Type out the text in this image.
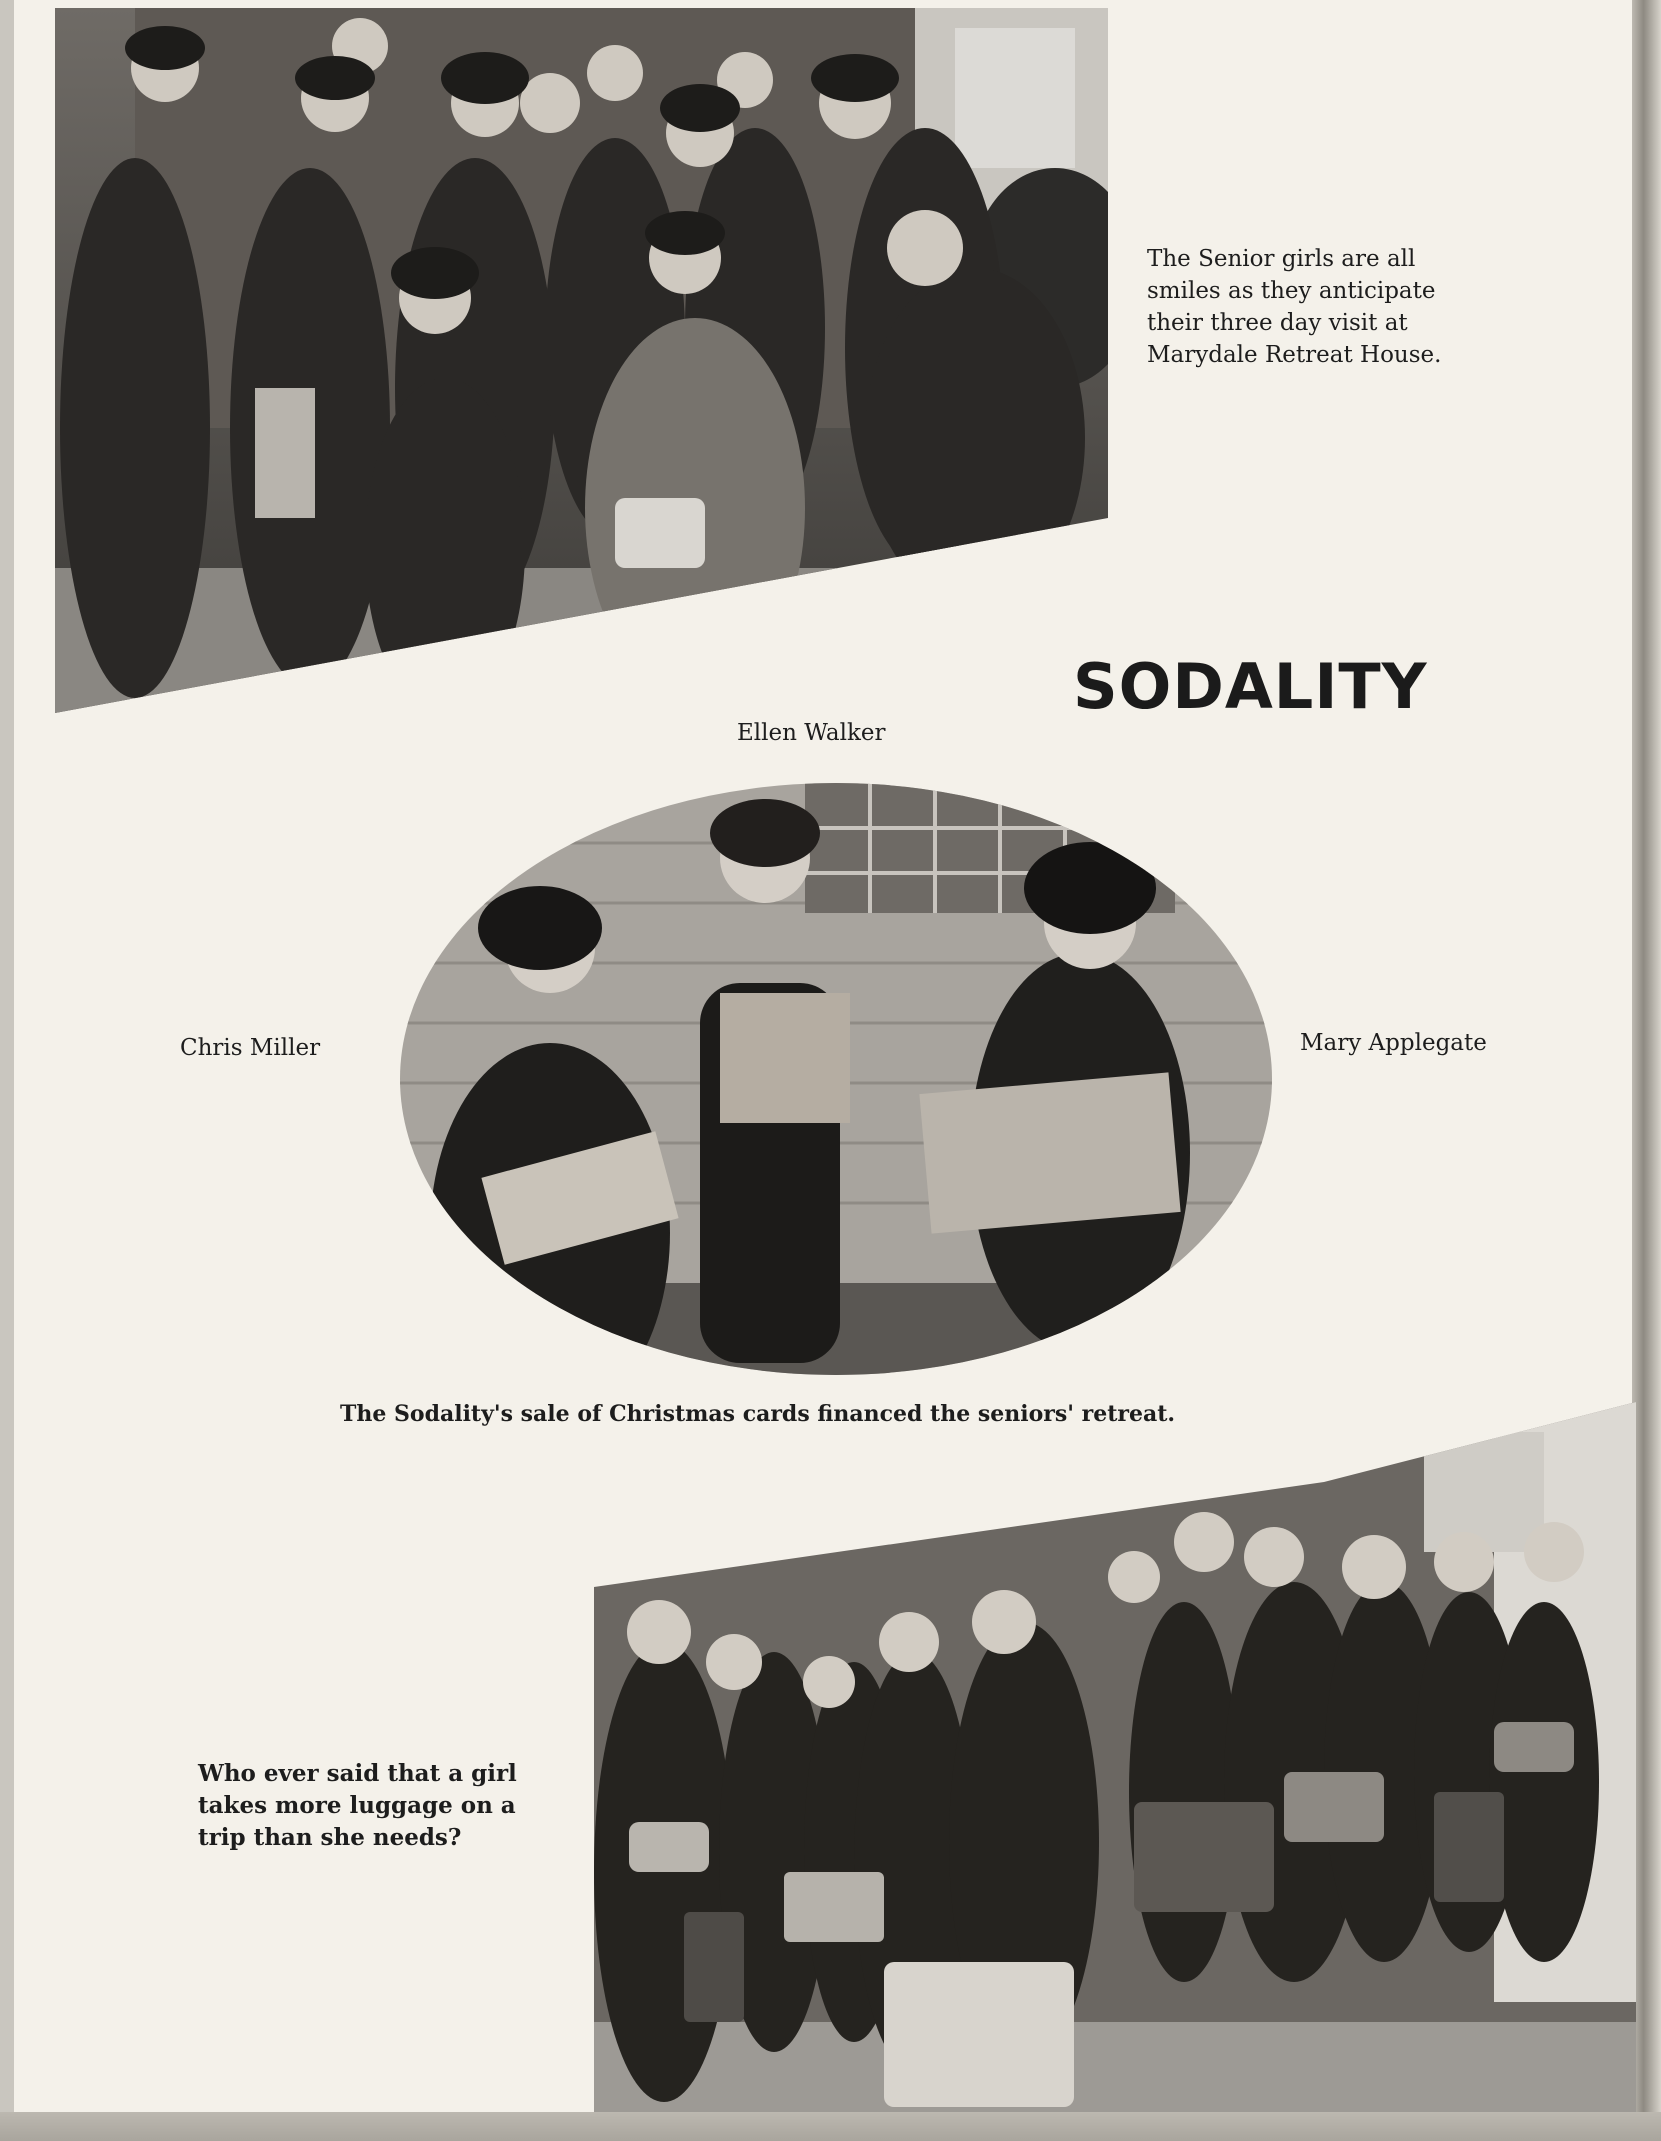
The Senior girls are all
smiles as they anticipate
their three day visit at
Marydale Retreat House.
SODALITY
Ellen Walker
Chris Miller	Mary Applegate
The Sodality's sale of Christmas cards financed the seniors' retreat.
Who ever said that a girl
takes more luggage on a
trip than she needs?
